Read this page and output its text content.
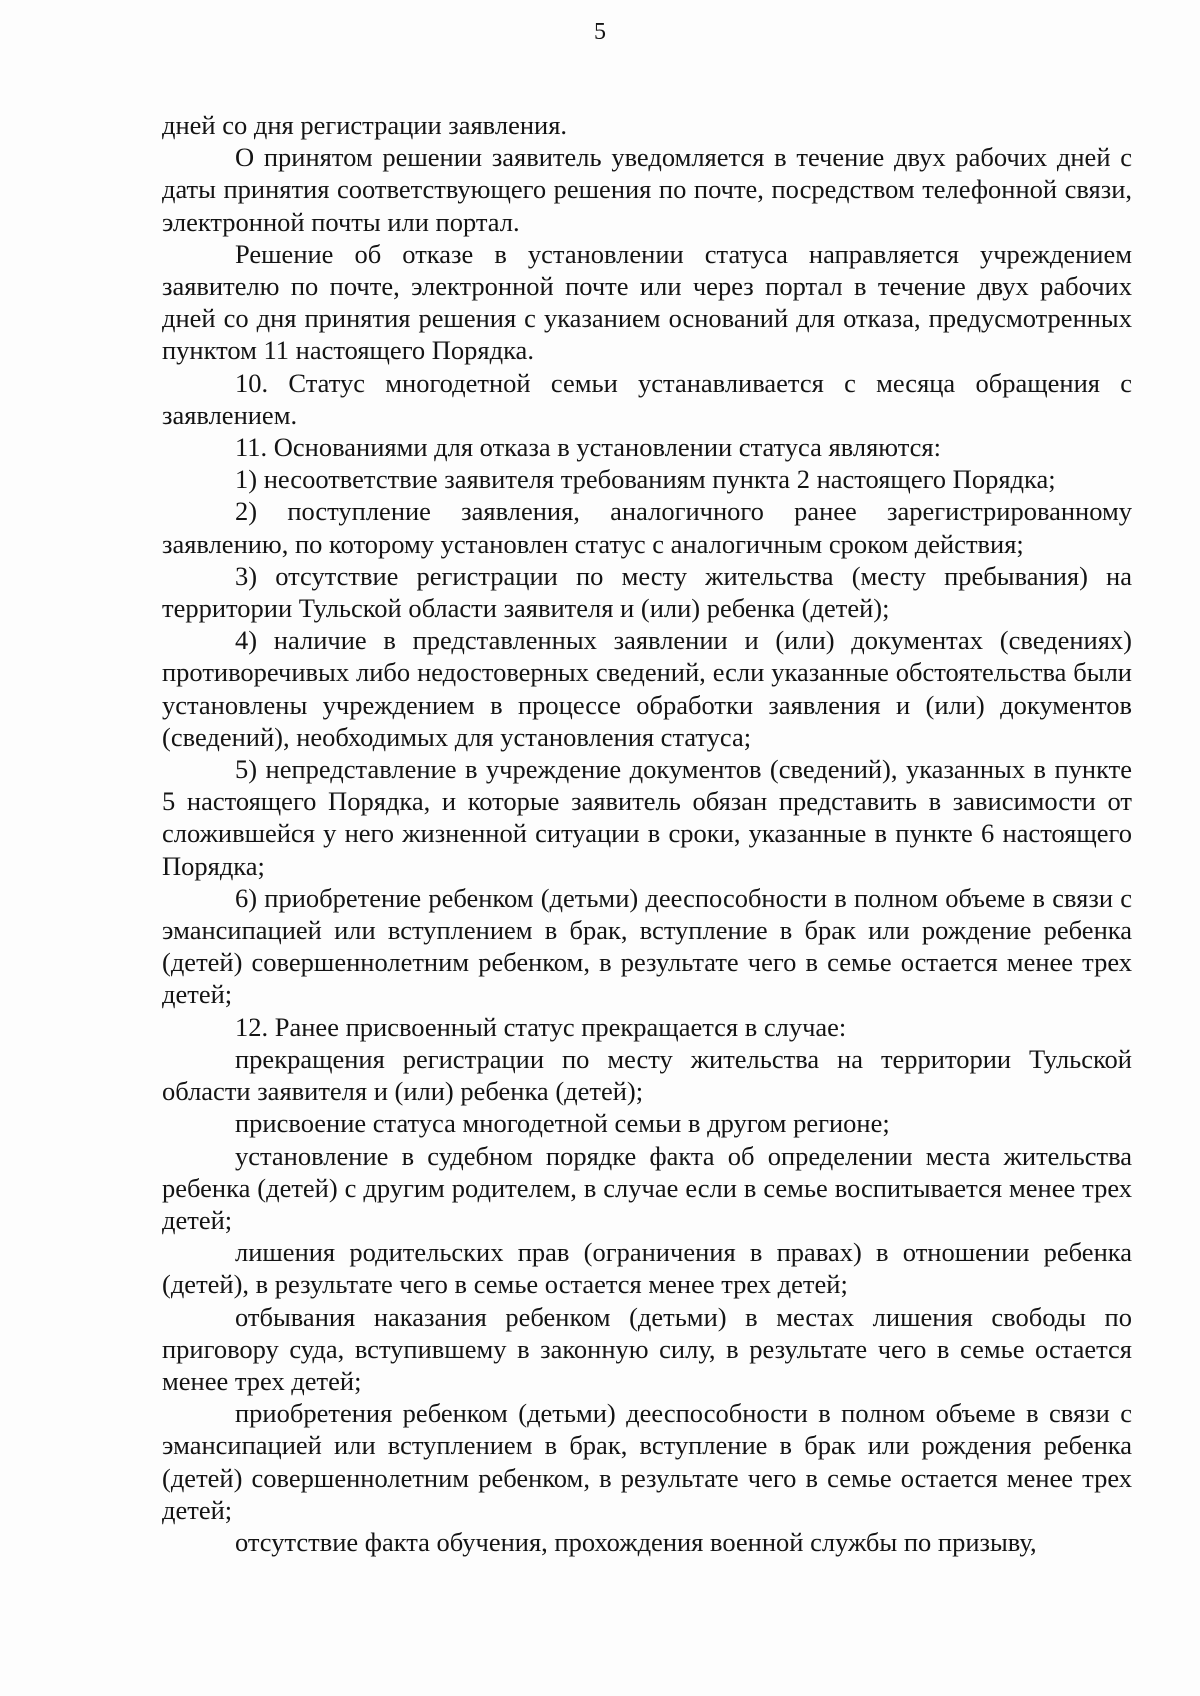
5

дней со дня регистрации заявления.

О принятом решении заявитель уведомляется в течение двух рабочих дней с даты принятия соответствующего решения по почте, посредством телефонной связи, электронной почты или портал.

Решение об отказе в установлении статуса направляется учреждением заявителю по почте, электронной почте или через портал в течение двух рабочих дней со дня принятия решения с указанием оснований для отказа, предусмотренных пунктом 11 настоящего Порядка.

10. Статус многодетной семьи устанавливается с месяца обращения с заявлением.

11. Основаниями для отказа в установлении статуса являются:

1) несоответствие заявителя требованиям пункта 2 настоящего Порядка;

2) поступление заявления, аналогичного ранее зарегистрированному заявлению, по которому установлен статус с аналогичным сроком действия;

3) отсутствие регистрации по месту жительства (месту пребывания) на территории Тульской области заявителя и (или) ребенка (детей);

4) наличие в представленных заявлении и (или) документах (сведениях) противоречивых либо недостоверных сведений, если указанные обстоятельства были установлены учреждением в процессе обработки заявления и (или) документов (сведений), необходимых для установления статуса;

5) непредставление в учреждение документов (сведений), указанных в пункте 5 настоящего Порядка, и которые заявитель обязан представить в зависимости от сложившейся у него жизненной ситуации в сроки, указанные в пункте 6 настоящего Порядка;

6) приобретение ребенком (детьми) дееспособности в полном объеме в связи с эмансипацией или вступлением в брак, вступление в брак или рождение ребенка (детей) совершеннолетним ребенком, в результате чего в семье остается менее трех детей;

12. Ранее присвоенный статус прекращается в случае:

прекращения регистрации по месту жительства на территории Тульской области заявителя и (или) ребенка (детей);

присвоение статуса многодетной семьи в другом регионе;

установление в судебном порядке факта об определении места жительства ребенка (детей) с другим родителем, в случае если в семье воспитывается менее трех детей;

лишения родительских прав (ограничения в правах) в отношении ребенка (детей), в результате чего в семье остается менее трех детей;

отбывания наказания ребенком (детьми) в местах лишения свободы по приговору суда, вступившему в законную силу, в результате чего в семье остается менее трех детей;

приобретения ребенком (детьми) дееспособности в полном объеме в связи с эмансипацией или вступлением в брак, вступление в брак или рождения ребенка (детей) совершеннолетним ребенком, в результате чего в семье остается менее трех детей;

отсутствие факта обучения, прохождения военной службы по призыву,
